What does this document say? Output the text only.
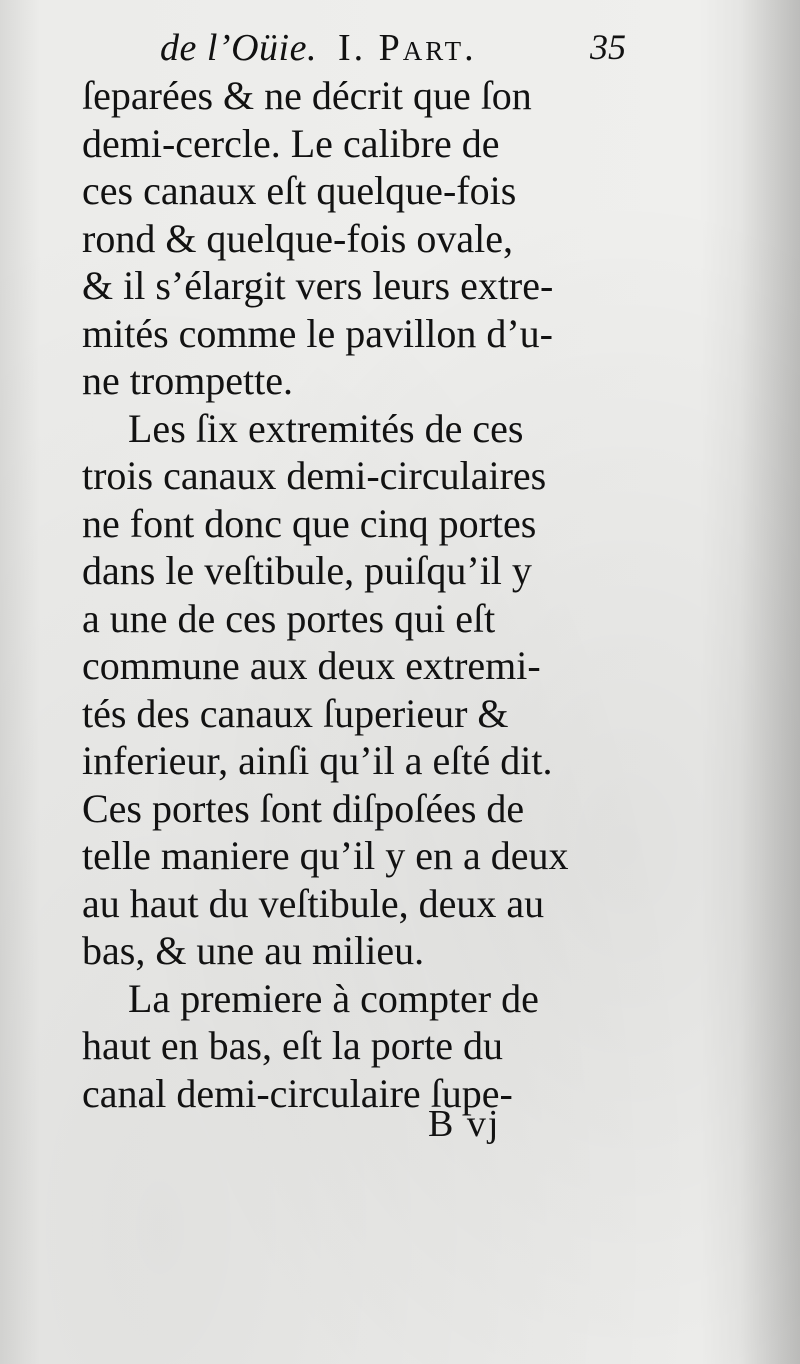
de l’Oüie. I. Part.	35
ſeparées & ne décrit que ſon
demi-cercle. Le calibre de
ces canaux eſt quelque-fois
rond & quelque-fois ovale,
& il s’élargit vers leurs extre-
mités comme le pavillon d’u-
ne trompette.
Les ſix extremités de ces
trois canaux demi-circulaires
ne font donc que cinq portes
dans le veſtibule, puiſqu’il y
a une de ces portes qui eſt
commune aux deux extremi-
tés des canaux ſuperieur &
inferieur, ainſi qu’il a eſté dit.
Ces portes ſont diſpoſées de
telle maniere qu’il y en a deux
au haut du veſtibule, deux au
bas, & une au milieu.
La premiere à compter de
haut en bas, eſt la porte du
canal demi-circulaire ſupe-
B vj
